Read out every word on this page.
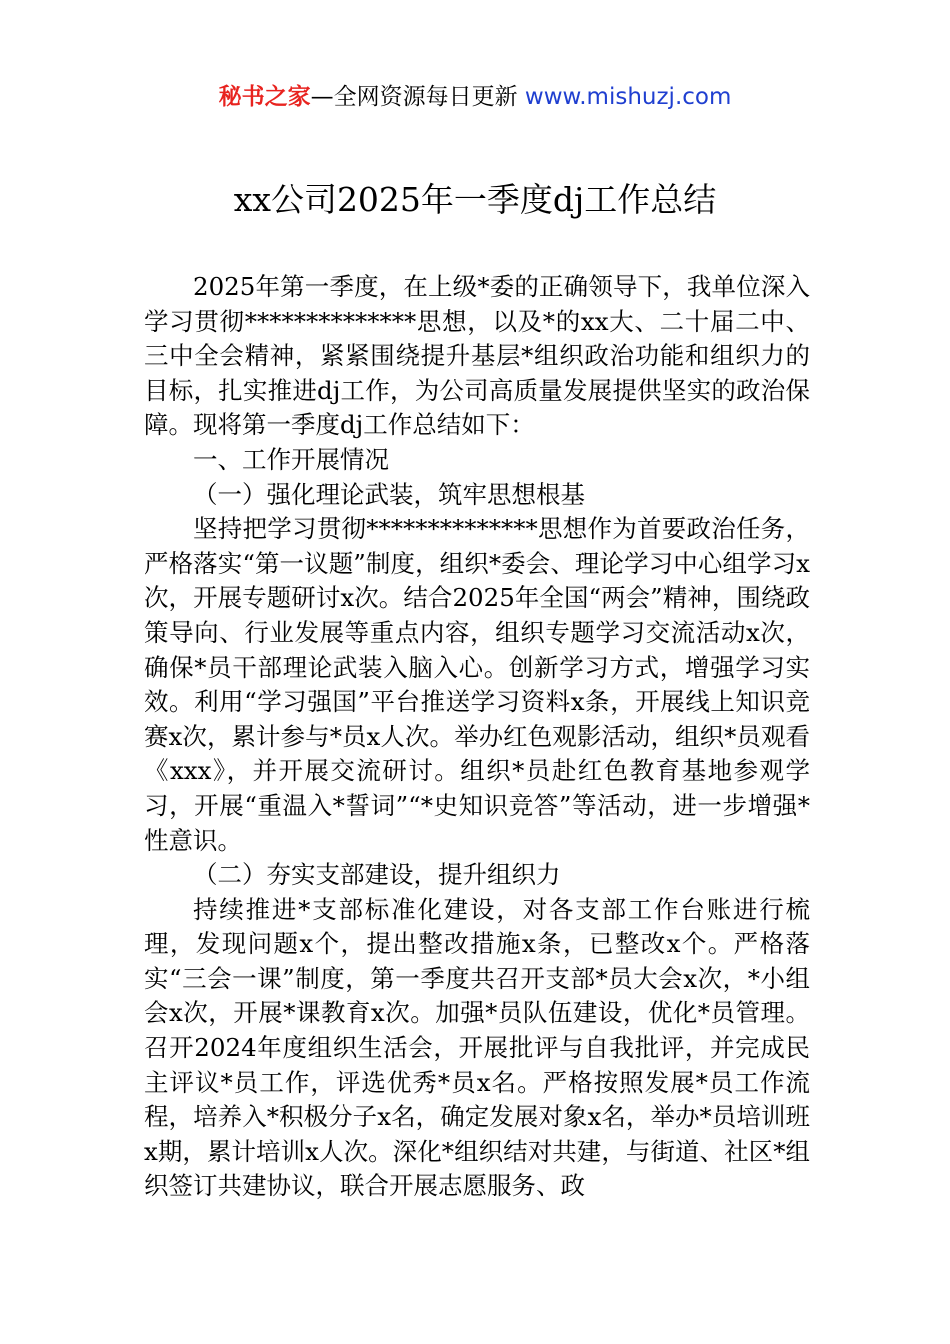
秘书之家—全网资源每日更新 www.mishuzj.com
xx公司2025年一季度dj工作总结

2025年第一季度，在上级*委的正确领导下，我单位深入学习贯彻**************思想，以及*的xx大、二十届二中、三中全会精神，紧紧围绕提升基层*组织政治功能和组织力的目标，扎实推进dj工作，为公司高质量发展提供坚实的政治保障。现将第一季度dj工作总结如下：

一、工作开展情况

（一）强化理论武装，筑牢思想根基

坚持把学习贯彻**************思想作为首要政治任务，严格落实“第一议题”制度，组织*委会、理论学习中心组学习x次，开展专题研讨x次。结合2025年全国“两会”精神，围绕政策导向、行业发展等重点内容，组织专题学习交流活动x次，确保*员干部理论武装入脑入心。创新学习方式，增强学习实效。利用“学习强国”平台推送学习资料x条，开展线上知识竞赛x次，累计参与*员x人次。举办红色观影活动，组织*员观看《xxx》，并开展交流研讨。组织*员赴红色教育基地参观学习，开展“重温入*誓词”“*史知识竞答”等活动，进一步增强*性意识。

（二）夯实支部建设，提升组织力

持续推进*支部标准化建设，对各支部工作台账进行梳理，发现问题x个，提出整改措施x条，已整改x个。严格落实“三会一课”制度，第一季度共召开支部*员大会x次，*小组会x次，开展*课教育x次。加强*员队伍建设，优化*员管理。召开2024年度组织生活会，开展批评与自我批评，并完成民主评议*员工作，评选优秀*员x名。严格按照发展*员工作流程，培养入*积极分子x名，确定发展对象x名，举办*员培训班x期，累计培训x人次。深化*组织结对共建，与街道、社区*组织签订共建协议，联合开展志愿服务、政
